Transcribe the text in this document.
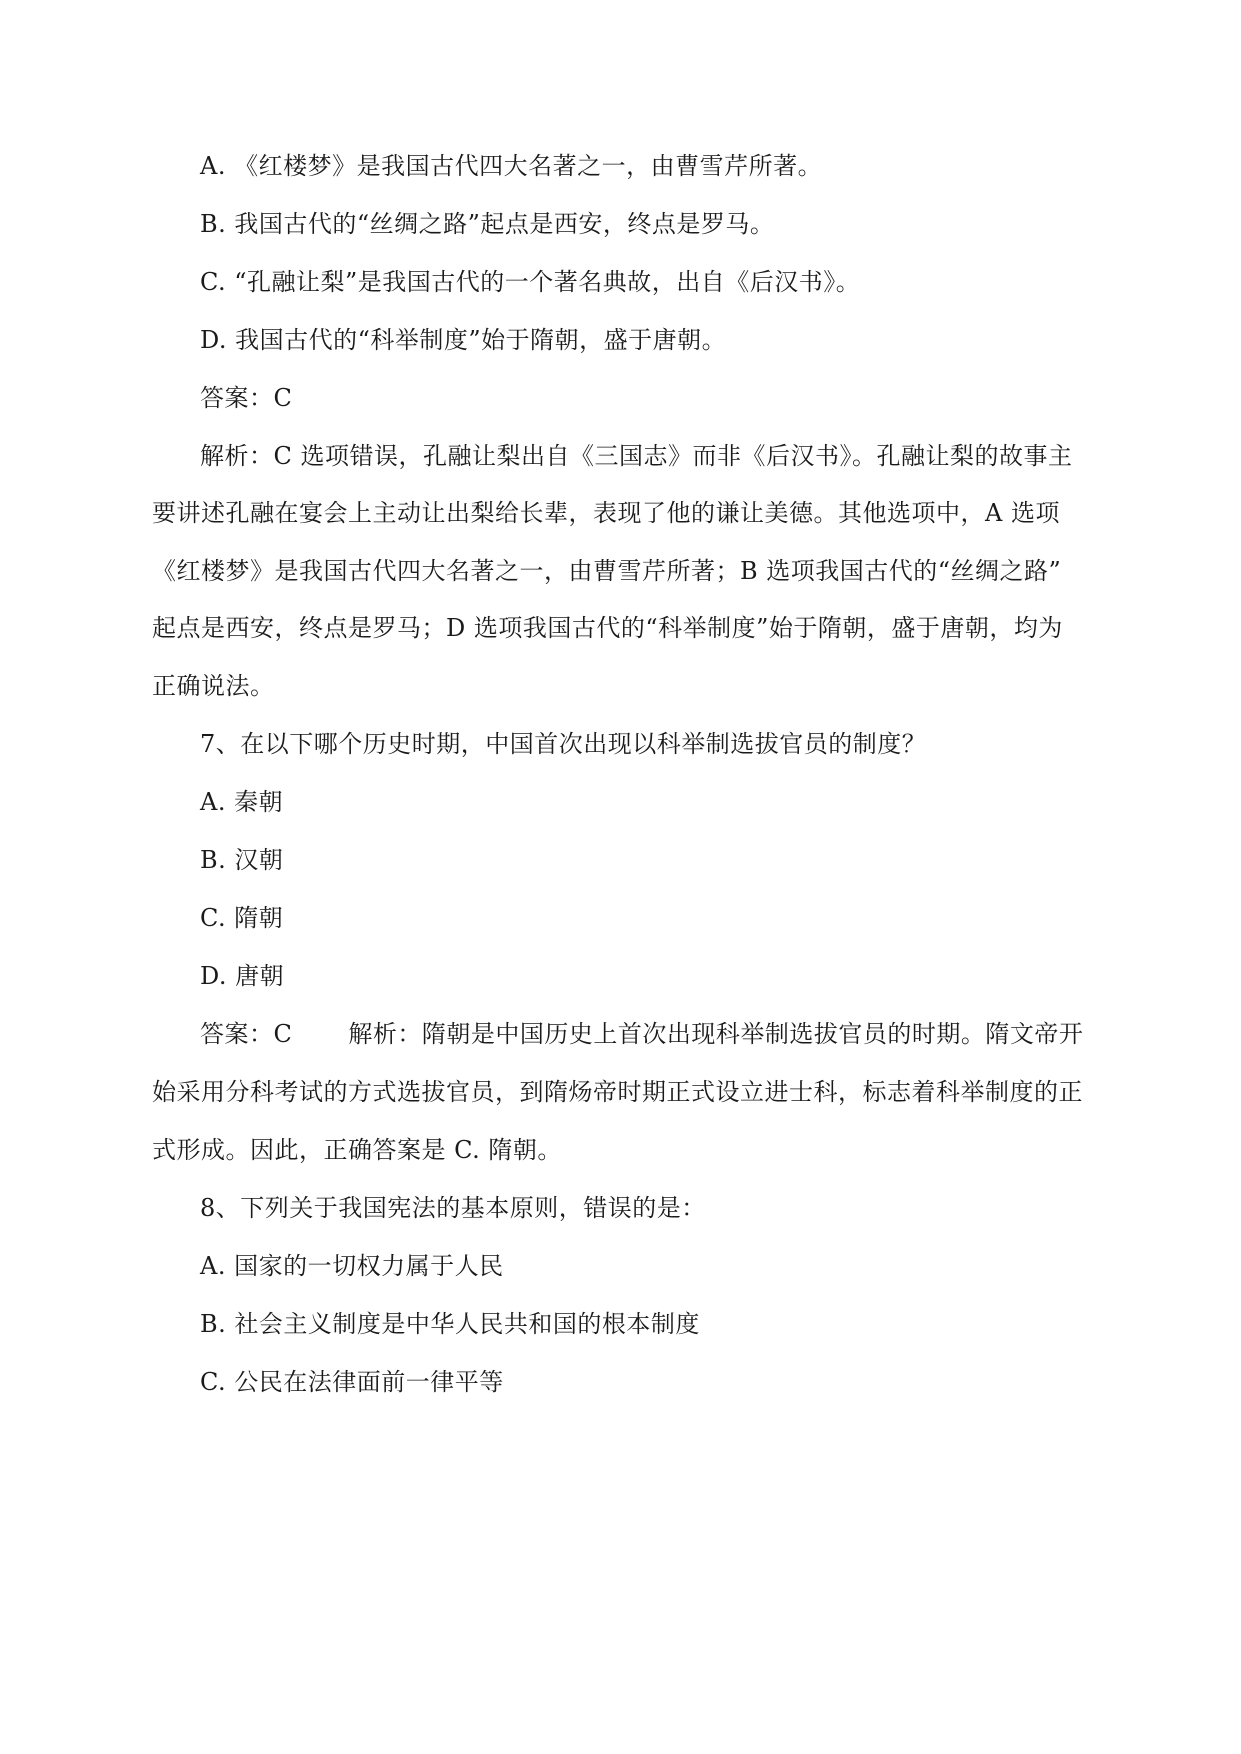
A. 《红楼梦》是我国古代四大名著之一，由曹雪芹所著。
B. 我国古代的“丝绸之路”起点是西安，终点是罗马。
C. “孔融让梨”是我国古代的一个著名典故，出自《后汉书》。
D. 我国古代的“科举制度”始于隋朝，盛于唐朝。
答案：C
解析：C 选项错误，孔融让梨出自《三国志》而非《后汉书》。孔融让梨的故事主
要讲述孔融在宴会上主动让出梨给长辈，表现了他的谦让美德。其他选项中，A 选项
《红楼梦》是我国古代四大名著之一，由曹雪芹所著；B 选项我国古代的“丝绸之路”
起点是西安，终点是罗马；D 选项我国古代的“科举制度”始于隋朝，盛于唐朝，均为
正确说法。
7、在以下哪个历史时期，中国首次出现以科举制选拔官员的制度？
A. 秦朝
B. 汉朝
C. 隋朝
D. 唐朝
答案：C 解析：隋朝是中国历史上首次出现科举制选拔官员的时期。隋文帝开
始采用分科考试的方式选拔官员，到隋炀帝时期正式设立进士科，标志着科举制度的正
式形成。因此，正确答案是 C. 隋朝。
8、下列关于我国宪法的基本原则，错误的是：
A. 国家的一切权力属于人民
B. 社会主义制度是中华人民共和国的根本制度
C. 公民在法律面前一律平等
